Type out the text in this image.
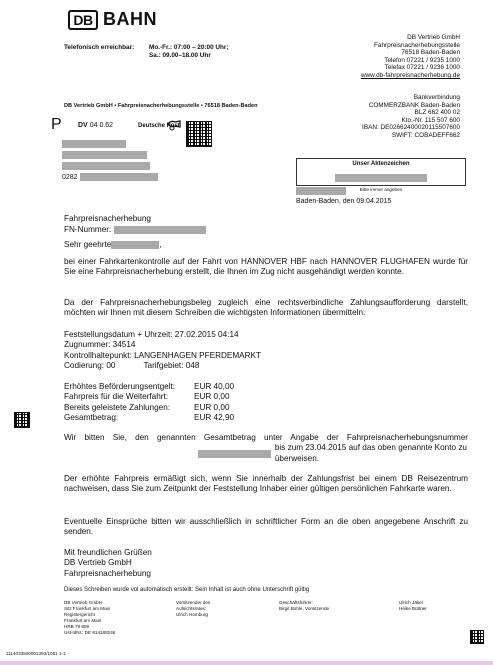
DB BAHN
Telefonisch erreichbar: Mo.-Fr.: 07:00 – 20:00 Uhr;
Sa.: 09.00–18.00 Uhr
DB Vertrieb GmbH
Fahrpreisnacherhebungsstelle
76518 Baden-Baden
Telefon 07221 / 9235 1000
Telefax 07221 / 9236 1000
www.db-fahrpreisnacherhebung.de
DB Vertrieb GmbH • Fahrpreisnacherhebungsstelle • 76518 Baden-Baden
Bankverbindung
COMMERZBANK Baden-Baden
BLZ 662 400 02
Kto.-Nr. 115 507 600
IBAN: DE02662400020115507600
SWIFT: COBADEFF662
P DV 04 0.62	Deutsche Post
0282
Unser Aktenzeichen
Bitte immer angeben
Baden-Baden, den 09.04.2015
Fahrpreisnacherhebung
FN-Nummer:
Sehr geehrte	,
bei einer Fahrkartenkontrolle auf der Fahrt von HANNOVER HBF nach HANNOVER FLUGHAFEN wurde für Sie eine Fahrpreisnacherhebung erstellt, die Ihnen im Zug nicht ausgehändigt werden konnte.
Da der Fahrpreisnacherhebungsbeleg zugleich eine rechtsverbindliche Zahlungsaufforderung darstellt, möchten wir Ihnen mit diesem Schreiben die wichtigsten Informationen übermitteln:
Feststellungsdatum + Uhrzeit: 27.02.2015 04:14
Zugnummer: 34514
Kontrollhaltepunkt: LANGENHAGEN PFERDEMARKT
Codierung: 00	Tarifgebiet: 048
Erhöhtes Beförderungsentgelt: EUR 40,00
Fahrpreis für die Weiterfahrt:	EUR 0,00
Bereits geleistete Zahlungen:	EUR 0,00
Gesamtbetrag:	EUR 42,90
Wir bitten Sie, den genannten Gesamtbetrag unter Angabe der Fahrpreisnacherhebungsnummer
bis zum 23.04.2015 auf das oben genannte Konto zu überweisen.
Der erhöhte Fahrpreis ermäßigt sich, wenn Sie innerhalb der Zahlungsfrist bei einem DB Reisezentrum nachweisen, dass Sie zum Zeitpunkt der Feststellung Inhaber einer gültigen persönlichen Fahrkarte waren.
Eventuelle Einsprüche bitten wir ausschließlich in schriftlicher Form an die oben angegebene Anschrift zu senden.
Mit freundlichen Grüßen
DB Vertrieb GmbH
Fahrpreisnacherhebung
Dieses Schreiben wurde vol automatisch erstellt: Sein Inhalt ist auch ohne Unterschrift gültig
DB Vertrieb GmbH
Sitz Frankfurt am Main
Registergericht
Frankfurt am Main
HRB 79 808
Ust-IdNr.: DE 814188246
Vorsitzender des
Aufsichtsrates:
Ulrich Homburg
Geschäftsführer:
Birgit Bohle, Vorsitzende
Ulrich Jäkel
Heike Büttner
1114033500001393/1061 1-1
